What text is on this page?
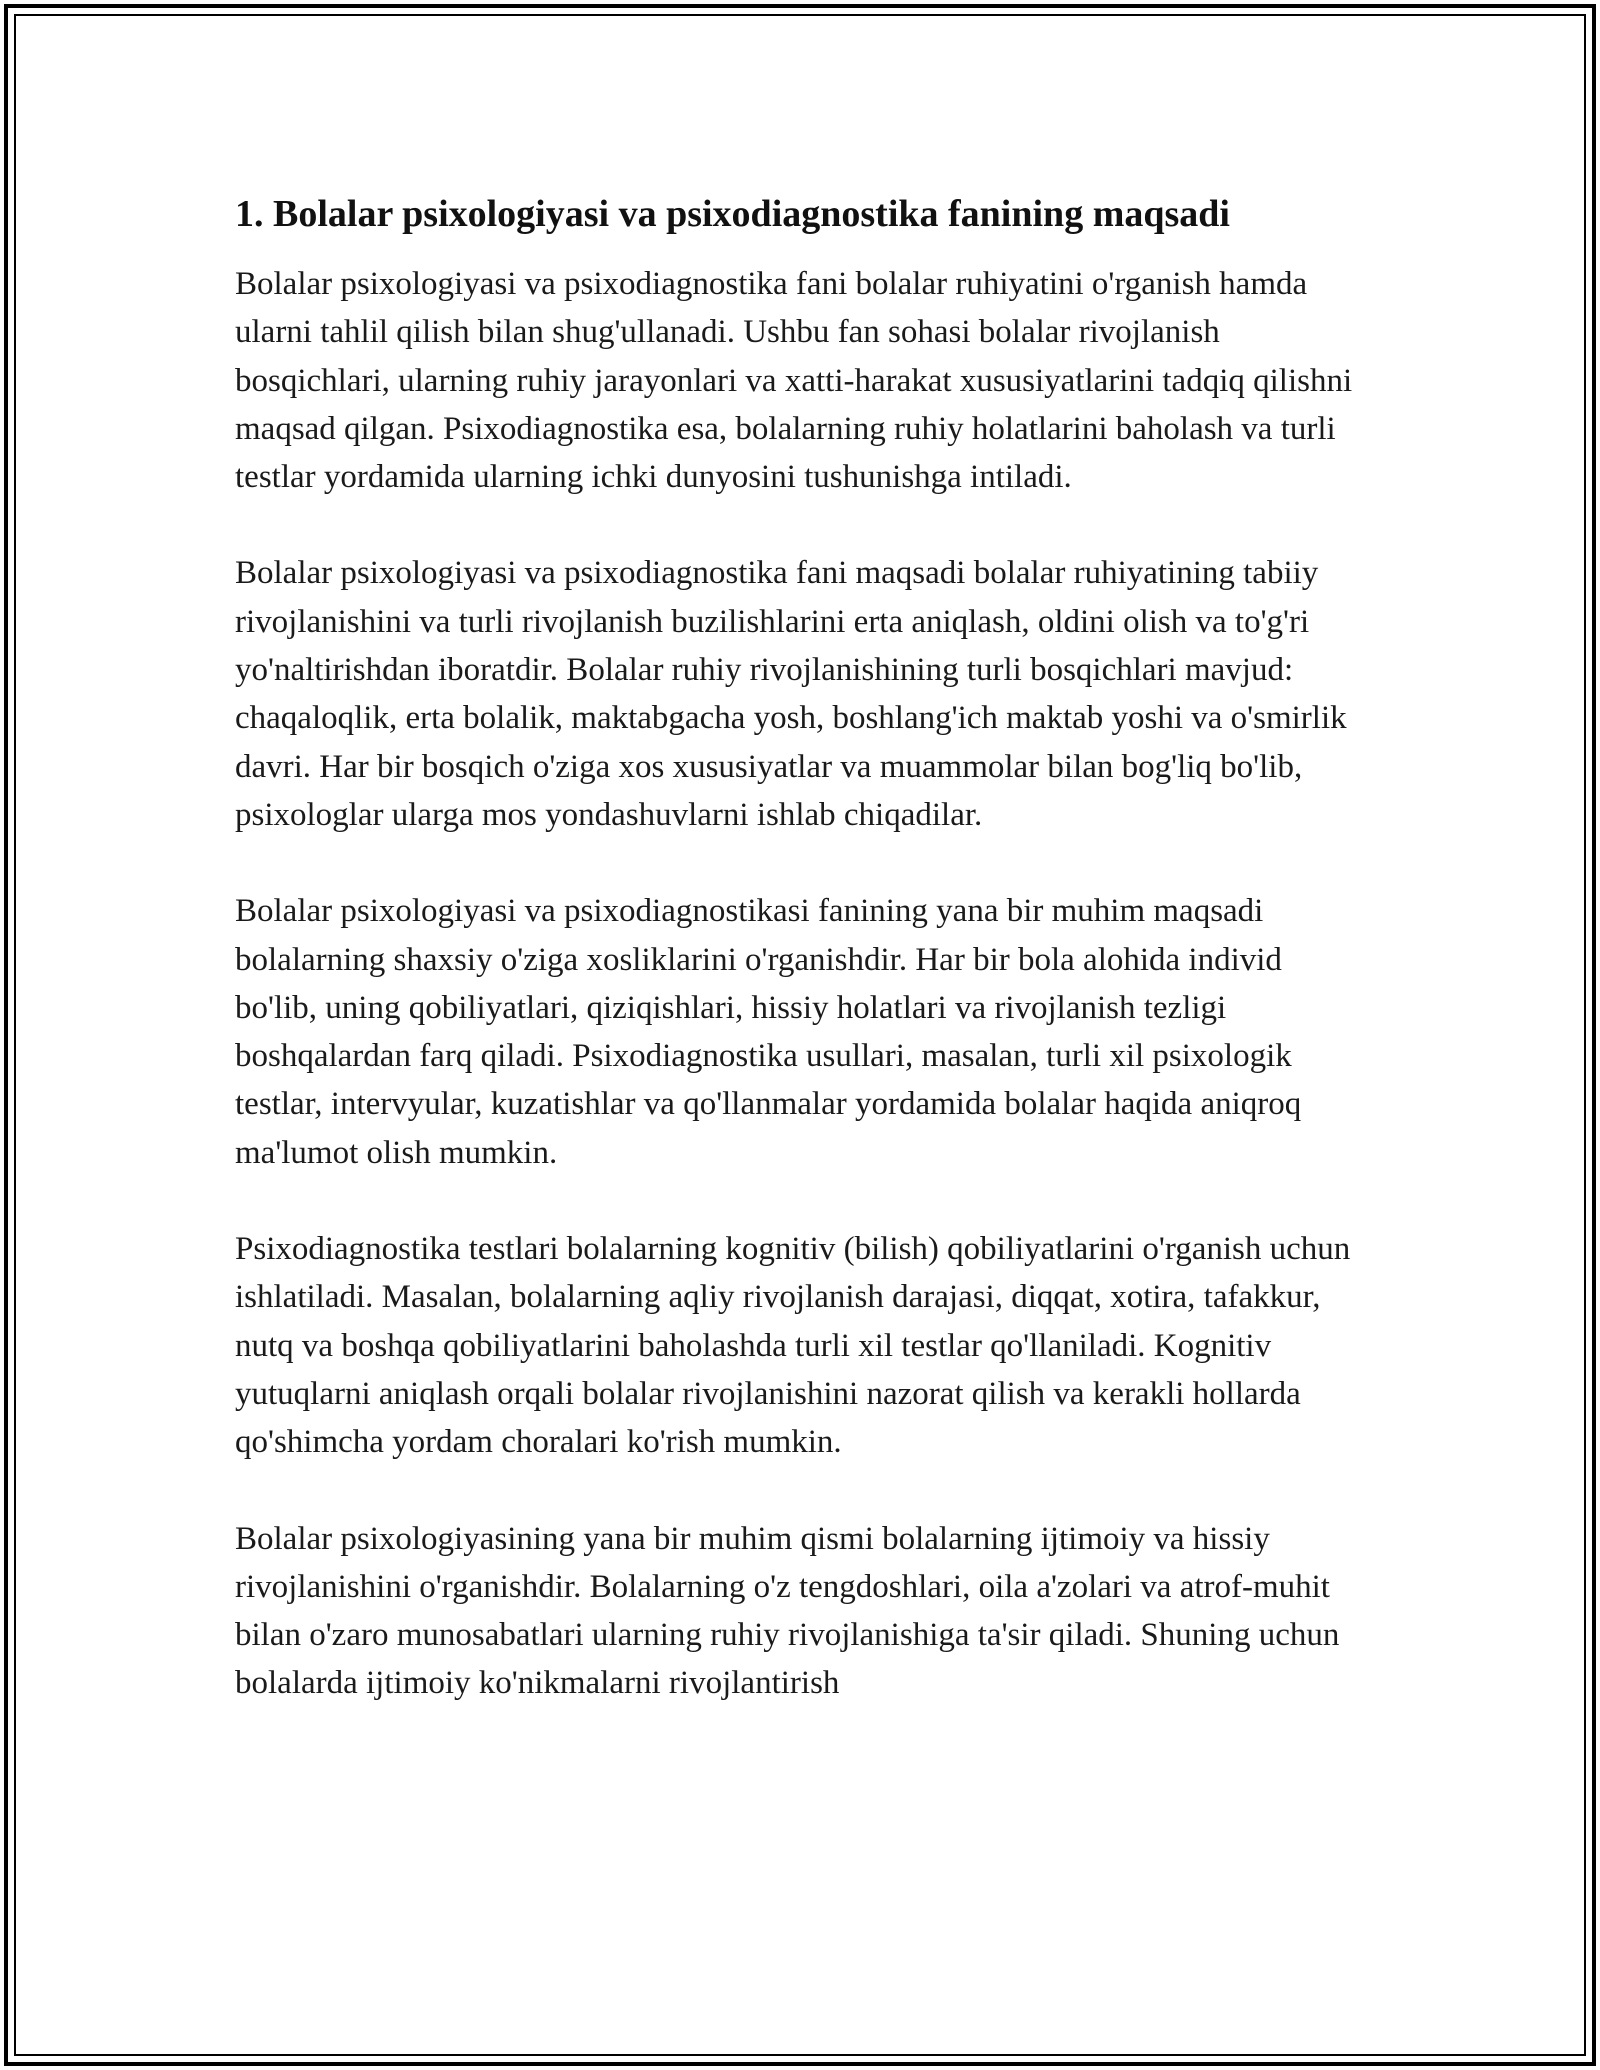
1. Bolalar psixologiyasi va psixodiagnostika fanining maqsadi

Bolalar psixologiyasi va psixodiagnostika fani bolalar ruhiyatini o'rganish hamda ularni tahlil qilish bilan shug'ullanadi. Ushbu fan sohasi bolalar rivojlanish bosqichlari, ularning ruhiy jarayonlari va xatti-harakat xususiyatlarini tadqiq qilishni maqsad qilgan. Psixodiagnostika esa, bolalarning ruhiy holatlarini baholash va turli testlar yordamida ularning ichki dunyosini tushunishga intiladi.

Bolalar psixologiyasi va psixodiagnostika fani maqsadi bolalar ruhiyatining tabiiy rivojlanishini va turli rivojlanish buzilishlarini erta aniqlash, oldini olish va to'g'ri yo'naltirishdan iboratdir. Bolalar ruhiy rivojlanishining turli bosqichlari mavjud: chaqaloqlik, erta bolalik, maktabgacha yosh, boshlang'ich maktab yoshi va o'smirlik davri. Har bir bosqich o'ziga xos xususiyatlar va muammolar bilan bog'liq bo'lib, psixologlar ularga mos yondashuvlarni ishlab chiqadilar.

Bolalar psixologiyasi va psixodiagnostikasi fanining yana bir muhim maqsadi bolalarning shaxsiy o'ziga xosliklarini o'rganishdir. Har bir bola alohida individ bo'lib, uning qobiliyatlari, qiziqishlari, hissiy holatlari va rivojlanish tezligi boshqalardan farq qiladi. Psixodiagnostika usullari, masalan, turli xil psixologik testlar, intervyular, kuzatishlar va qo'llanmalar yordamida bolalar haqida aniqroq ma'lumot olish mumkin.

Psixodiagnostika testlari bolalarning kognitiv (bilish) qobiliyatlarini o'rganish uchun ishlatiladi. Masalan, bolalarning aqliy rivojlanish darajasi, diqqat, xotira, tafakkur, nutq va boshqa qobiliyatlarini baholashda turli xil testlar qo'llaniladi. Kognitiv yutuqlarni aniqlash orqali bolalar rivojlanishini nazorat qilish va kerakli hollarda qo'shimcha yordam choralari ko'rish mumkin.

Bolalar psixologiyasining yana bir muhim qismi bolalarning ijtimoiy va hissiy rivojlanishini o'rganishdir. Bolalarning o'z tengdoshlari, oila a'zolari va atrof-muhit bilan o'zaro munosabatlari ularning ruhiy rivojlanishiga ta'sir qiladi. Shuning uchun bolalarda ijtimoiy ko'nikmalarni rivojlantirish
